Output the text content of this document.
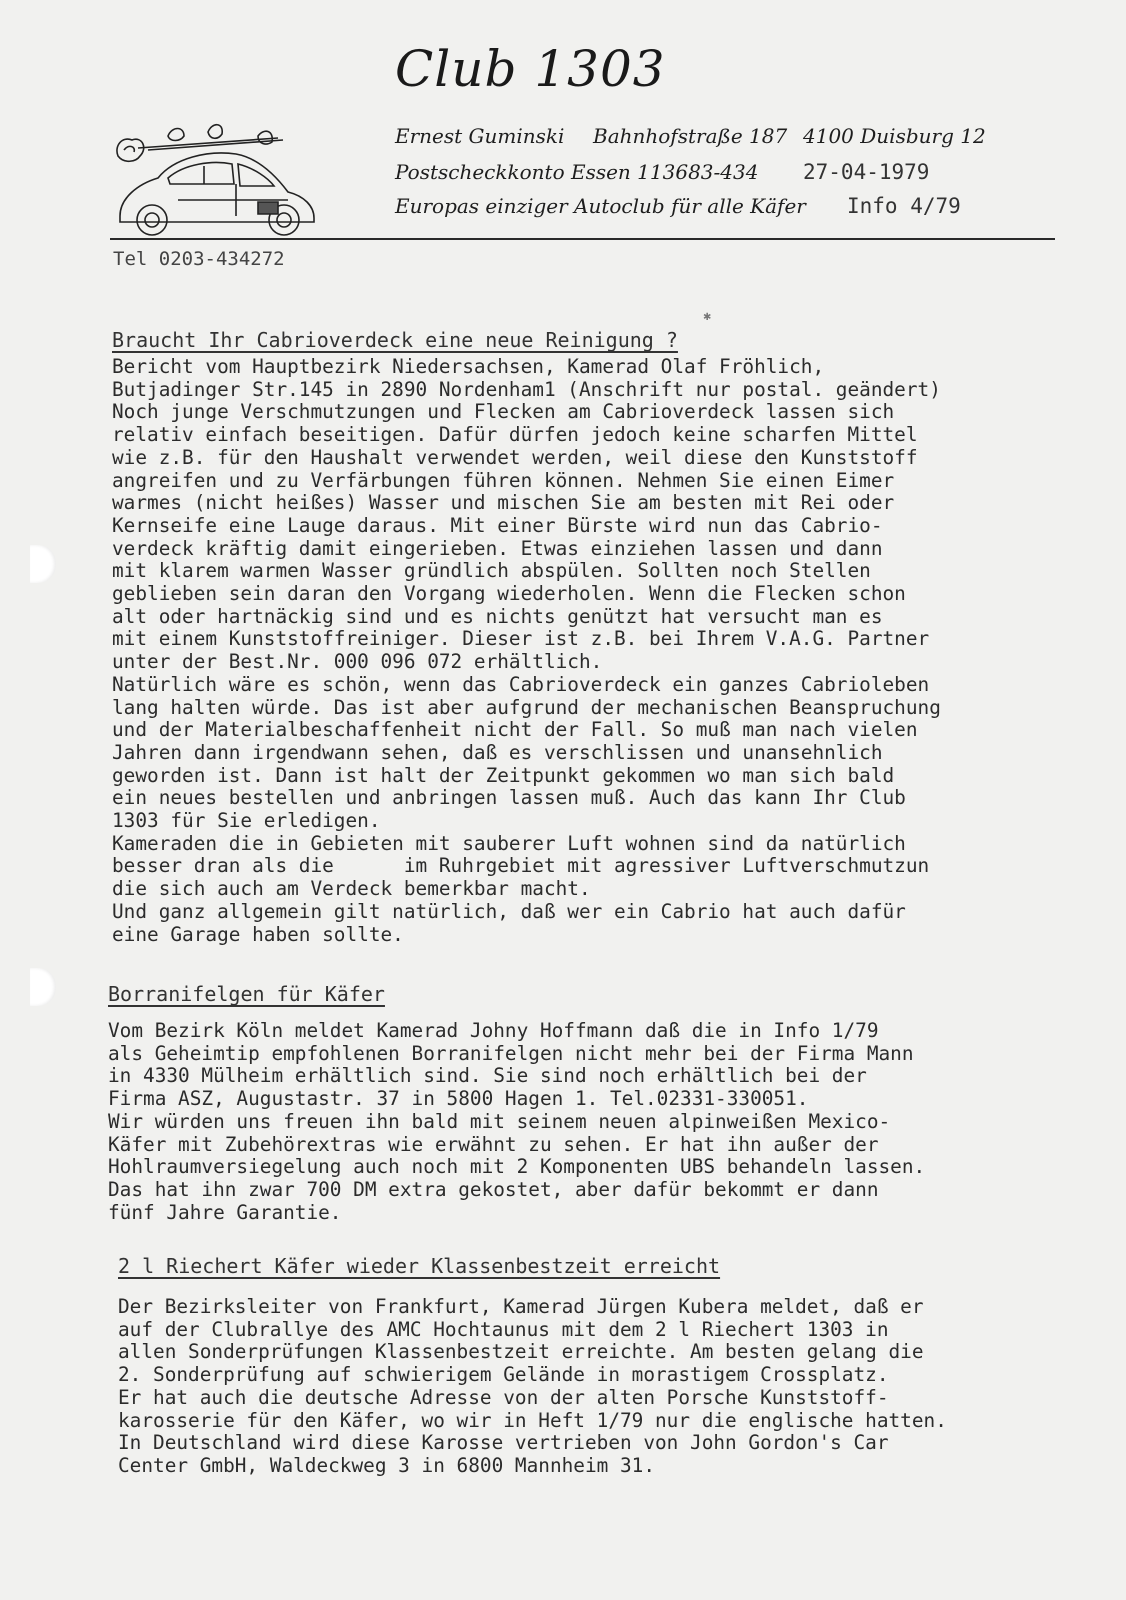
Club 1303
Ernest Guminski Bahnhofstraße 187 4100 Duisburg 12
Postscheckkonto Essen 113683-434 27-04-1979
Europas einziger Autoclub für alle Käfer Info 4/79
Tel 0203-434272
✱
Braucht Ihr Cabrioverdeck eine neue Reinigung ?
Bericht vom Hauptbezirk Niedersachsen, Kamerad Olaf Fröhlich,
Butjadinger Str.145 in 2890 Nordenham1 (Anschrift nur postal. geändert)
Noch junge Verschmutzungen und Flecken am Cabrioverdeck lassen sich
relativ einfach beseitigen. Dafür dürfen jedoch keine scharfen Mittel
wie z.B. für den Haushalt verwendet werden, weil diese den Kunststoff
angreifen und zu Verfärbungen führen können. Nehmen Sie einen Eimer
warmes (nicht heißes) Wasser und mischen Sie am besten mit Rei oder
Kernseife eine Lauge daraus. Mit einer Bürste wird nun das Cabrio-
verdeck kräftig damit eingerieben. Etwas einziehen lassen und dann
mit klarem warmen Wasser gründlich abspülen. Sollten noch Stellen
geblieben sein daran den Vorgang wiederholen. Wenn die Flecken schon
alt oder hartnäckig sind und es nichts genützt hat versucht man es
mit einem Kunststoffreiniger. Dieser ist z.B. bei Ihrem V.A.G. Partner
unter der Best.Nr. 000 096 072 erhältlich.
Natürlich wäre es schön, wenn das Cabrioverdeck ein ganzes Cabrioleben
lang halten würde. Das ist aber aufgrund der mechanischen Beanspruchung
und der Materialbeschaffenheit nicht der Fall. So muß man nach vielen
Jahren dann irgendwann sehen, daß es verschlissen und unansehnlich
geworden ist. Dann ist halt der Zeitpunkt gekommen wo man sich bald
ein neues bestellen und anbringen lassen muß. Auch das kann Ihr Club
1303 für Sie erledigen.
Kameraden die in Gebieten mit sauberer Luft wohnen sind da natürlich
besser dran als die      im Ruhrgebiet mit agressiver Luftverschmutzun
die sich auch am Verdeck bemerkbar macht.
Und ganz allgemein gilt natürlich, daß wer ein Cabrio hat auch dafür
eine Garage haben sollte.
Borranifelgen für Käfer
Vom Bezirk Köln meldet Kamerad Johny Hoffmann daß die in Info 1/79
als Geheimtip empfohlenen Borranifelgen nicht mehr bei der Firma Mann
in 4330 Mülheim erhältlich sind. Sie sind noch erhältlich bei der
Firma ASZ, Augustastr. 37 in 5800 Hagen 1. Tel.02331-330051.
Wir würden uns freuen ihn bald mit seinem neuen alpinweißen Mexico-
Käfer mit Zubehörextras wie erwähnt zu sehen. Er hat ihn außer der
Hohlraumversiegelung auch noch mit 2 Komponenten UBS behandeln lassen.
Das hat ihn zwar 700 DM extra gekostet, aber dafür bekommt er dann
fünf Jahre Garantie.
2 l Riechert Käfer wieder Klassenbestzeit erreicht
Der Bezirksleiter von Frankfurt, Kamerad Jürgen Kubera meldet, daß er
auf der Clubrallye des AMC Hochtaunus mit dem 2 l Riechert 1303 in
allen Sonderprüfungen Klassenbestzeit erreichte. Am besten gelang die
2. Sonderprüfung auf schwierigem Gelände in morastigem Crossplatz.
Er hat auch die deutsche Adresse von der alten Porsche Kunststoff-
karosserie für den Käfer, wo wir in Heft 1/79 nur die englische hatten.
In Deutschland wird diese Karosse vertrieben von John Gordon's Car
Center GmbH, Waldeckweg 3 in 6800 Mannheim 31.
